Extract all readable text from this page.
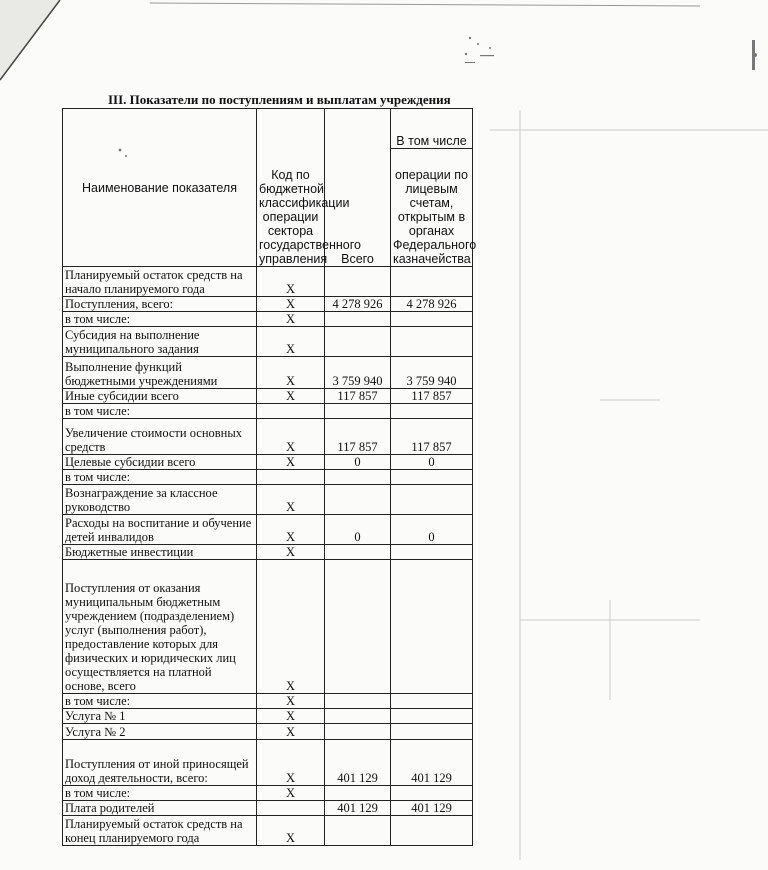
III. Показатели по поступлениям и выплатам учреждения
Наименование показателя	Код по бюджетной классификации операции сектора государственного управления	Всего	В том числе
			операции по лицевым счетам, открытым в органах Федерального казначейства
Планируемый остаток средств на начало планируемого года	X		
Поступления, всего:	X	4 278 926	4 278 926
в том числе:	X		
Субсидия на выполнение муниципального задания	X		
Выполнение функций бюджетными учреждениями	X	3 759 940	3 759 940
Иные субсидии всего	X	117 857	117 857
в том числе:			
Увеличение стоимости основных средств	X	117 857	117 857
Целевые субсидии всего	X	0	0
в том числе:			
Вознаграждение за классное руководство	X		
Расходы на воспитание и обучение детей инвалидов	X	0	0
Бюджетные инвестиции	X		
Поступления от оказания муниципальным бюджетным учреждением (подразделением) услуг (выполнения работ), предоставление которых для физических и юридических лиц осуществляется на платной основе, всего	X		
в том числе:	X		
Услуга № 1	X		
Услуга № 2	X		
Поступления от иной приносящей доход деятельности, всего:	X	401 129	401 129
в том числе:	X		
Плата родителей		401 129	401 129
Планируемый остаток средств на конец планируемого года	X		
